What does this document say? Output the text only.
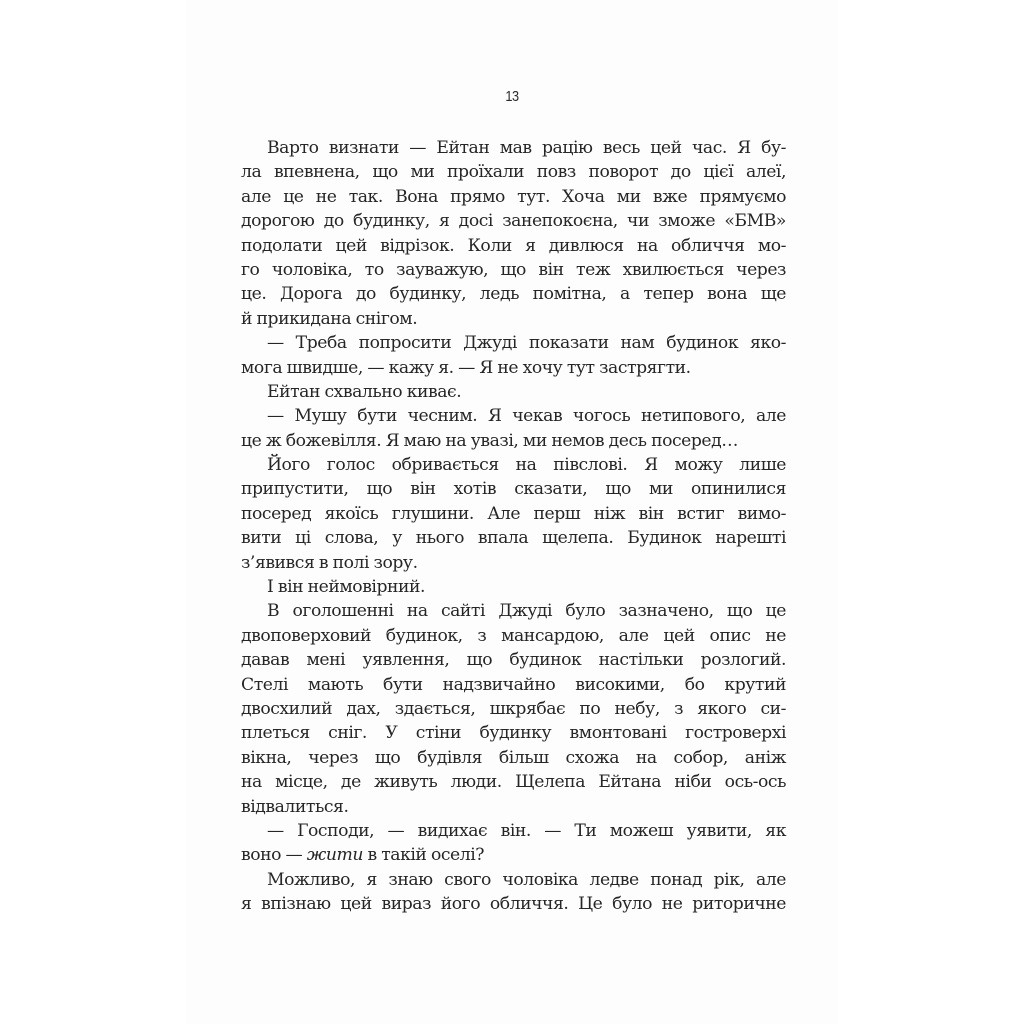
13
Варто визнати — Ейтан мав рацію весь цей час. Я бу-
ла впевнена, що ми проїхали повз поворот до цієї алеї,
але це не так. Вона прямо тут. Хоча ми вже прямуємо
дорогою до будинку, я досі занепокоєна, чи зможе «БМВ»
подолати цей відрізок. Коли я дивлюся на обличчя мо-
го чоловіка, то зауважую, що він теж хвилюється через
це. Дорога до будинку, ледь помітна, а тепер вона ще
й прикидана снігом.
— Треба попросити Джуді показати нам будинок яко-
мога швидше, — кажу я. — Я не хочу тут застрягти.
Ейтан схвально киває.
— Мушу бути чесним. Я чекав чогось нетипового, але
це ж божевілля. Я маю на увазі, ми немов десь посеред…
Його голос обривається на півслові. Я можу лише
припустити, що він хотів сказати, що ми опинилися
посеред якоїсь глушини. Але перш ніж він встиг вимо-
вити ці слова, у нього впала щелепа. Будинок нарешті
з’явився в полі зору.
І він неймовірний.
В оголошенні на сайті Джуді було зазначено, що це
двоповерховий будинок, з мансардою, але цей опис не
давав мені уявлення, що будинок настільки розлогий.
Стелі мають бути надзвичайно високими, бо крутий
двосхилий дах, здається, шкрябає по небу, з якого си-
плеться сніг. У стіни будинку вмонтовані гостроверхі
вікна, через що будівля більш схожа на собор, аніж
на місце, де живуть люди. Щелепа Ейтана ніби ось-ось
відвалиться.
— Господи, — видихає він. — Ти можеш уявити, як
воно — жити в такій оселі?
Можливо, я знаю свого чоловіка ледве понад рік, але
я впізнаю цей вираз його обличчя. Це було не риторичне
